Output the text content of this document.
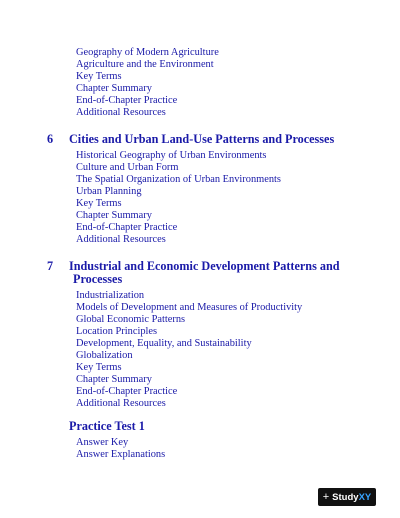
Geography of Modern Agriculture
Agriculture and the Environment
Key Terms
Chapter Summary
End-of-Chapter Practice
Additional Resources
6 Cities and Urban Land-Use Patterns and Processes
Historical Geography of Urban Environments
Culture and Urban Form
The Spatial Organization of Urban Environments
Urban Planning
Key Terms
Chapter Summary
End-of-Chapter Practice
Additional Resources
7 Industrial and Economic Development Patterns and
Processes
Industrialization
Models of Development and Measures of Productivity
Global Economic Patterns
Location Principles
Development, Equality, and Sustainability
Globalization
Key Terms
Chapter Summary
End-of-Chapter Practice
Additional Resources
Practice Test 1
Answer Key
Answer Explanations
+ StudyXY
